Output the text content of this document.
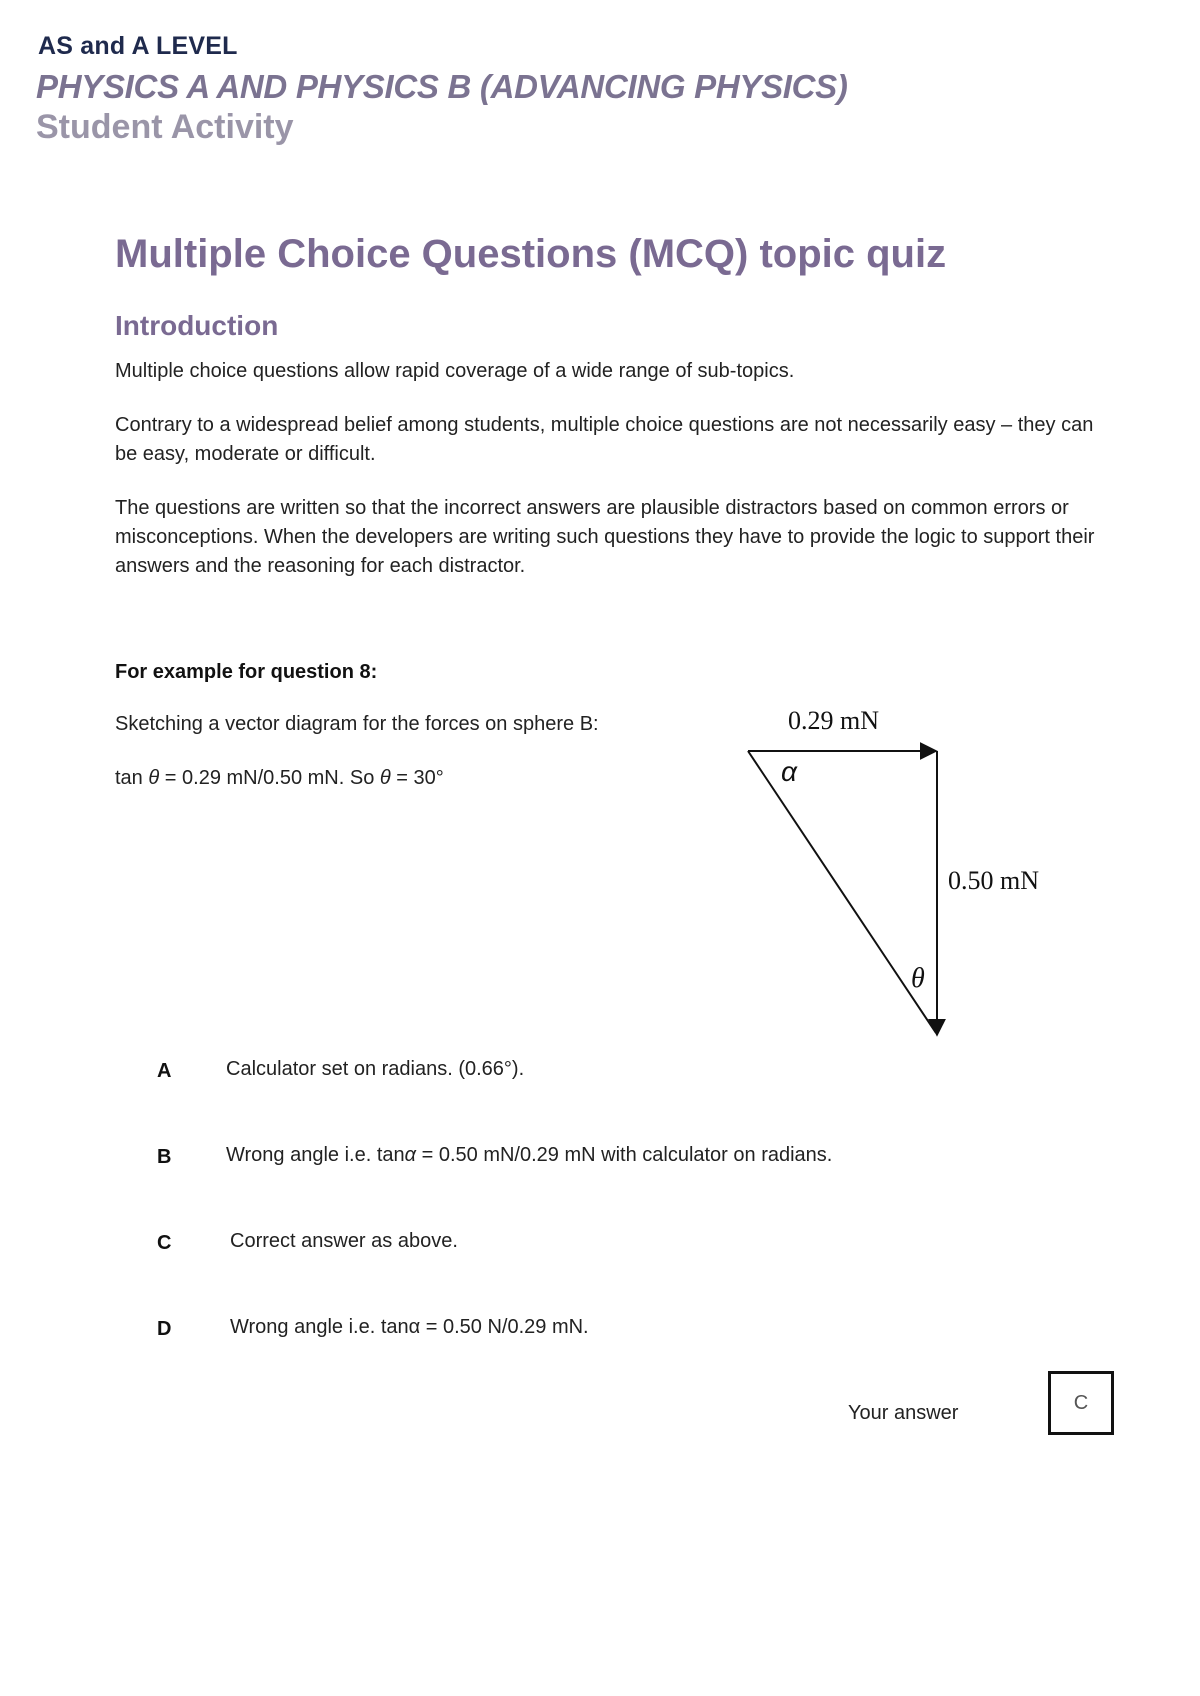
AS and A LEVEL
PHYSICS A AND PHYSICS B (ADVANCING PHYSICS)
Student Activity
Multiple Choice Questions (MCQ) topic quiz
Introduction
Multiple choice questions allow rapid coverage of a wide range of sub-topics.
Contrary to a widespread belief among students, multiple choice questions are not necessarily easy – they can be easy, moderate or difficult.
The questions are written so that the incorrect answers are plausible distractors based on common errors or misconceptions. When the developers are writing such questions they have to provide the logic to support their answers and the reasoning for each distractor.
For example for question 8:
Sketching a vector diagram for the forces on sphere B:
tan θ = 0.29 mN/0.50 mN. So θ = 30°
0.29 mN
0.50 mN
α
θ
A	Calculator set on radians. (0.66°).
B	Wrong angle i.e. tanα = 0.50 mN/0.29 mN with calculator on radians.
C	Correct answer as above.
D	Wrong angle i.e. tanα = 0.50 N/0.29 mN.
Your answer	C
